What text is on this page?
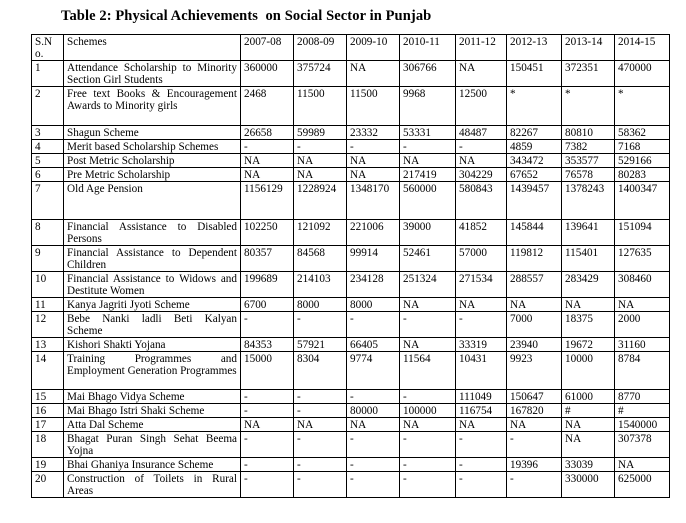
Table 2: Physical Achievements  on Social Sector in Punjab
S.N o.	Schemes	2007-08	2008-09	2009-10	2010-11	2011-12	2012-13	2013-14	2014-15
1	Attendance Scholarship to Minority Section Girl Students	360000	375724	NA	306766	NA	150451	372351	470000
2	Free text Books & Encouragement Awards to Minority girls	2468	11500	11500	9968	12500	*	*	*
3	Shagun Scheme	26658	59989	23332	53331	48487	82267	80810	58362
4	Merit based Scholarship Schemes	-	-	-	-	-	4859	7382	7168
5	Post Metric Scholarship	NA	NA	NA	NA	NA	343472	353577	529166
6	Pre Metric Scholarship	NA	NA	NA	217419	304229	67652	76578	80283
7	Old Age Pension	1156129	1228924	1348170	560000	580843	1439457	1378243	1400347
8	Financial Assistance to Disabled Persons	102250	121092	221006	39000	41852	145844	139641	151094
9	Financial Assistance to Dependent Children	80357	84568	99914	52461	57000	119812	115401	127635
10	Financial Assistance to Widows and Destitute Women	199689	214103	234128	251324	271534	288557	283429	308460
11	Kanya Jagriti Jyoti Scheme	6700	8000	8000	NA	NA	NA	NA	NA
12	Bebe Nanki ladli Beti Kalyan Scheme	-	-	-	-	-	7000	18375	2000
13	Kishori Shakti Yojana	84353	57921	66405	NA	33319	23940	19672	31160
14	Training Programmes and Employment Generation Programmes	15000	8304	9774	11564	10431	9923	10000	8784
15	Mai Bhago Vidya Scheme	-	-	-	-	111049	150647	61000	8770
16	Mai Bhago Istri Shaki Scheme	-	-	80000	100000	116754	167820	#	#
17	Atta Dal Scheme	NA	NA	NA	NA	NA	NA	NA	1540000
18	Bhagat Puran Singh Sehat Beema Yojna	-	-	-	-	-	-	NA	307378
19	Bhai Ghaniya Insurance Scheme	-	-	-	-	-	19396	33039	NA
20	Construction of Toilets in Rural Areas	-	-	-	-	-	-	330000	625000
